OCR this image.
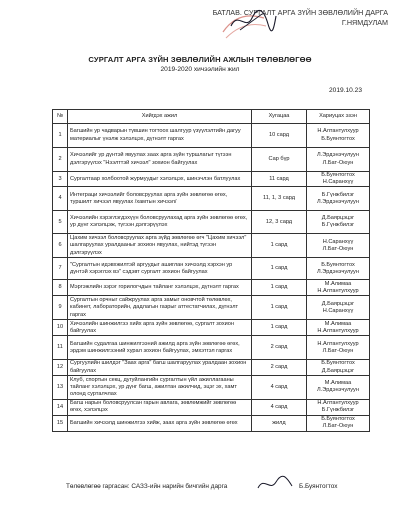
БАТЛАВ. СУРГАЛТ АРГА ЗҮЙН ЗӨВЛӨЛИЙН ДАРГА
Г.НЯМДУЛАМ
СУРГАЛТ АРГА ЗҮЙН ЗӨВЛӨЛИЙН АЖЛЫН ТӨЛӨВЛӨГӨӨ
2019-2020 хичээлийн жил
2019.10.23
№	Хийгдэх ажил	Хугацаа	Хариуцах эзэн
1	Багшийн ур чадварын түвшин тогтоох шалгуур үзүүлэлтийн дагуу материалыг үнэлж хэлэлцэх, дүгнэлт гаргах	10 сард	Н.Алтантулхуур
Б.Буянтогтох

2	Хичээлийг ур дүнтэй явуулах заах арга зүйн туршлагыг түгээн дэлгэрүүлэх "Нээлттэй хичээл" зохион байгуулах	Сар бүр	Л.Эрдэнэчулуун
Л.Бат-Оюун

3	Сургалтаар холбоотой журмуудыг хэлэлцэх, шинэчлэн батлуулах	11 сард	Б.Буянтогтох
Н.Саранхүү

4	Интеграци хичээлийг боловсруулах арга зүйн зөвлөгөө өгөх, туршилт хичээл явуулах /хамтын хичээл/	11, 1, 3 сард	Б.Гүнжбилэг
Л.Эрдэнэчулуун

5	Хичээлийн хэрэглэгдэхүүн боловсруулахад арга зүйн зөвлөгөө өгөх, ур дүнг хэлэлцэж, түгээн дэлгэрүүлэх	12, 3 сард	Д.Баярцэцэг
Б.Гүнжбилэг

6	Цахим хичээл боловсруулах арга зүйд зөвлөгөө өгч "Цахим хичээл" шалгаруулах уралдааныг зохион явуулах, нийтэд түгээн дэлгэрүүлэх	1 сард	Н.Саранхүү
Л.Бат-Оюун

7	"Сургалтын идэвхжилтэй аргуудыг ашиглан хичээлд хэрхэн ур дүнтэй хэрэглэх вэ" сэдэвт сургалт зохион байгуулах	1 сард	Б.Буянтогтох
Л.Эрдэнэчулуун

8	Мэргэжлийн зэрэг горилогчдын тайланг хэлэлцэх, дүгнэлт гаргах	1 сард	М.Алимаа
Н.Алтантулхуур

9	Сургалтын орчныг сайжруулах арга замыг оновчтой төлөвлөх, кабинет, лабораторийн, дадлагын газрыг аттестатчилах, дүгнэлт гаргах	1 сард	Д.Баярцэцэг
Н.Саранхүү

10	Хичээлийн шинжилгээ хийх арга зүйн зөвлөгөө, сургалт зохион байгуулах	1 сард	М.Алимаа
Н.Алтантулхуур

11	Багшийн судалгаа шинжилгээний ажилд арга зүйн зөвлөгөө өгөх, эрдэм шинжилгээний хурал зохион байгуулах, эмхэтгэл гаргах	2 сард	Н.Алтантулхуур
Л.Бат-Оюун

12	Сургуулийн шилдэг "Заах арга" багш шалгаруулах уралдаан зохион байгуулах	2 сард	Б.Буянтогтох
Д.Баярцэцэг

13	Клуб, спортын секц, дугуйлангийн сургалтын үйл ажиллагааны тайланг хэлэлцэх, ур дүнг багш, ажилтан ажилчид, эцэг эх, хамт олонд сурталчлах	4 сард	М.Алимаа
Л.Эрдэнэчулуун

14	Багш нарын боловсруулсан гарын авлага, зөвлөмжийг зөвлөгөө өгөх, хэлэлцэх	4 сард	Н.Алтантулхуур
Б.Гүнжбилэг

15	Багшийн хичээлд шинжилгээ хийж, заах арга зүйн зөвлөгөө өгөх	жилд	Б.Буянтогтох
Л.Бат-Оюун
Төлөвлөгөө гаргасан: САЗЗ-ийн нарийн бичгийн дарга	Б.Буянтогтох
